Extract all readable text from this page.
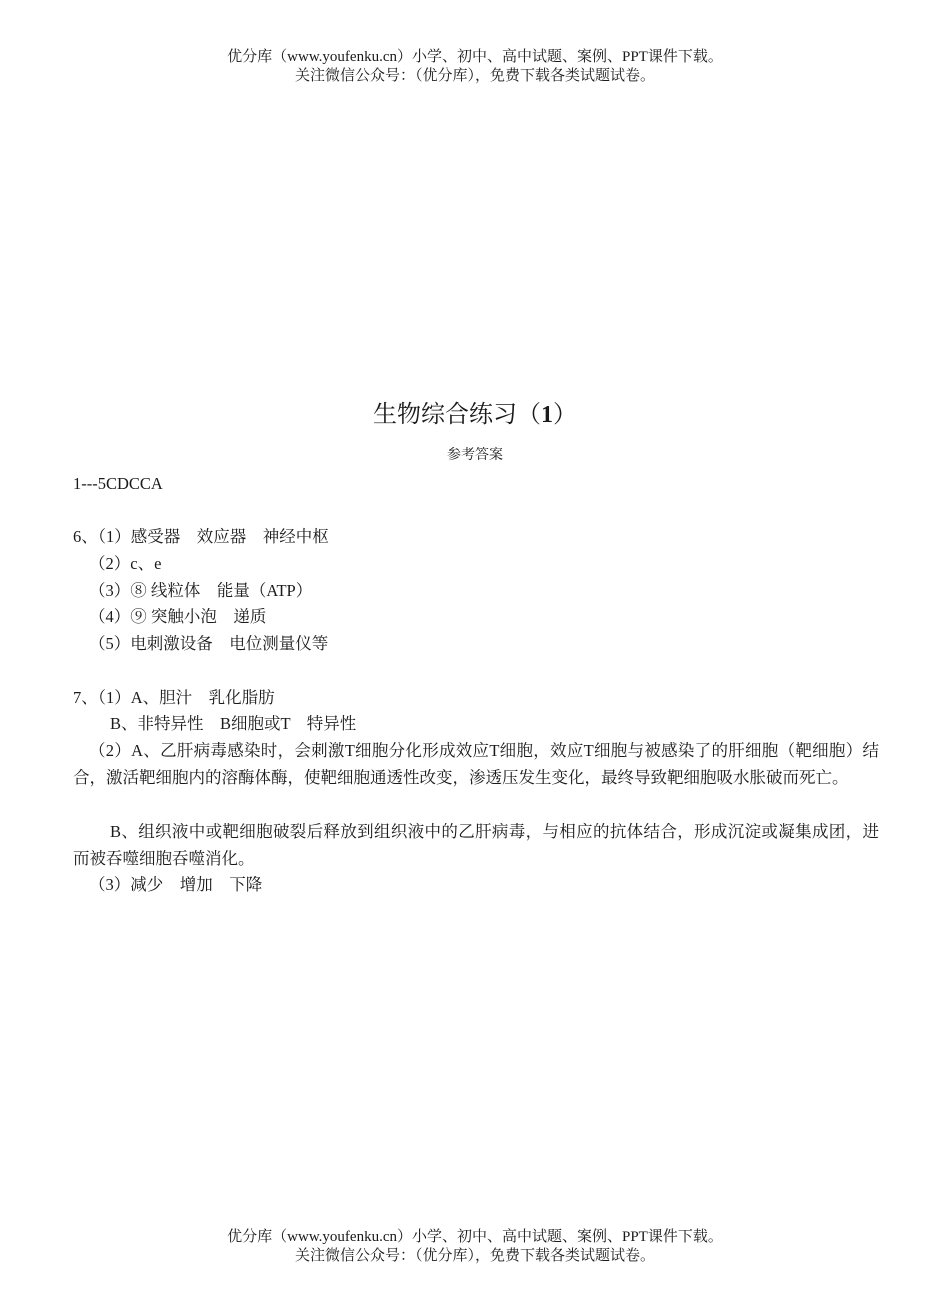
优分库（www.youfenku.cn）小学、初中、高中试题、案例、PPT课件下载。
关注微信公众号：（优分库），免费下载各类试题试卷。
生物综合练习（1）
参考答案
1---5CDCCA
6、（1）感受器　效应器　神经中枢
（2）c、e
（3）⑧ 线粒体　能量（ATP）
（4）⑨ 突触小泡　递质
（5）电刺激设备　电位测量仪等
7、（1）A、胆汁　乳化脂肪
B、非特异性　B细胞或T　特异性
（2）A、乙肝病毒感染时，会刺激T细胞分化形成效应T细胞，效应T细胞与被感染了的肝细胞（靶细胞）结合，激活靶细胞内的溶酶体酶，使靶细胞通透性改变，渗透压发生变化，最终导致靶细胞吸水胀破而死亡。
B、组织液中或靶细胞破裂后释放到组织液中的乙肝病毒，与相应的抗体结合，形成沉淀或凝集成团，进而被吞噬细胞吞噬消化。
（3）减少　增加　下降
优分库（www.youfenku.cn）小学、初中、高中试题、案例、PPT课件下载。
关注微信公众号：（优分库），免费下载各类试题试卷。
